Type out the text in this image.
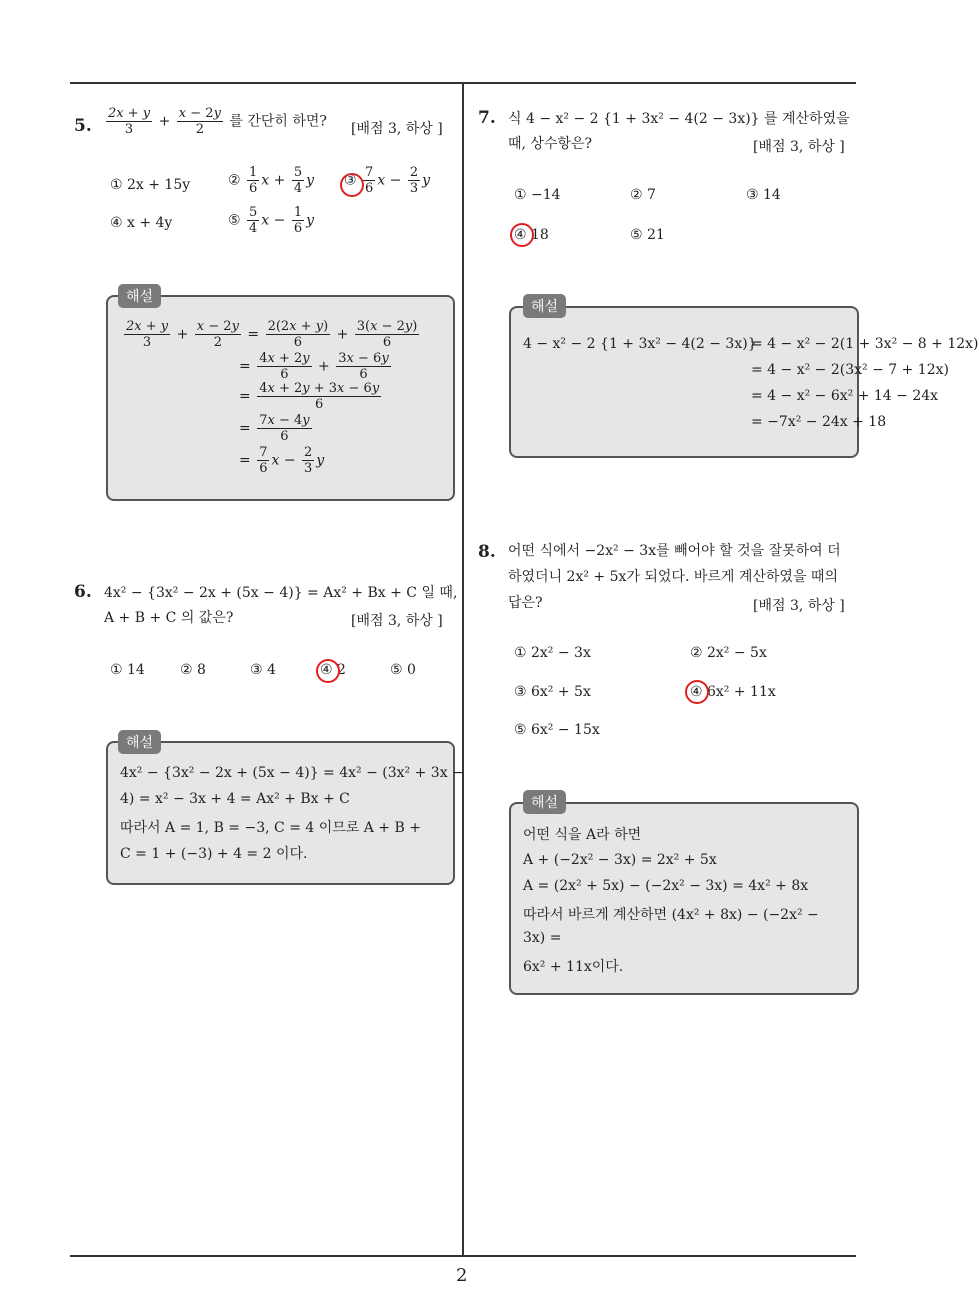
2
5. $\frac{2x + y}{3} + \frac{x - 2y}{2}$ 를 간단히 하면? [배점 3, 하상 ]
① 2x + 15y	② $\frac{1}{6}$ $x + \frac{5}{4}$ y ③ $\frac{7}{6}$ $x - \frac{2}{3}$ y
④ x + 4y	⑤ $\frac{5}{4}$ $x - \frac{1}{6}$ y
$\frac{2x + y}{3} + \frac{x - 2y}{2} = \frac{2(2x + y)}{6} + \frac{3(x - 2y)}{6}$
= $\frac{4x + 2y}{6} + \frac{3x - 6y}{6}$
= $\frac{4x + 2y + 3x - 6y}{6}$
= $\frac{7x - 4y}{6}$
= $\frac{7}{6}$ $x - \frac{2}{3}$ y
해설
6. 4x² − {3x² − 2x + (5x − 4)} = Ax² + Bx + C 일 때,
A + B + C 의 값은?	[배점 3, 하상 ]
① 14	② 8	③ 4	④ 2	⑤ 0
4x² − {3x² − 2x + (5x − 4)} = 4x² − (3x² + 3x −
4) = x² − 3x + 4 = Ax² + Bx + C
따라서 A = 1, B = −3, C = 4 이므로 A + B +
C = 1 + (−3) + 4 = 2 이다.
해설
7. 식 4 − x² − 2 {1 + 3x² − 4(2 − 3x)} 를 계산하였을
때, 상수항은?	[배점 3, 하상 ]
① −14	② 7	③ 14
④ 18	⑤ 21
4 − x² − 2 {1 + 3x² − 4(2 − 3x)}
= 4 − x² − 2(1 + 3x² − 8 + 12x)
= 4 − x² − 2(3x² − 7 + 12x)
= 4 − x² − 6x² + 14 − 24x
= −7x² − 24x + 18
해설
8. 어떤 식에서 −2x² − 3x를 빼어야 할 것을 잘못하여 더
하였더니 2x² + 5x가 되었다. 바르게 계산하였을 때의
답은?	[배점 3, 하상 ]
① 2x² − 3x	② 2x² − 5x
③ 6x² + 5x	④ 6x² + 11x
⑤ 6x² − 15x
어떤 식을 A라 하면
A + (−2x² − 3x) = 2x² + 5x
A = (2x² + 5x) − (−2x² − 3x) = 4x² + 8x
따라서 바르게 계산하면 (4x² + 8x) − (−2x² −
3x) =
6x² + 11x이다.
해설
